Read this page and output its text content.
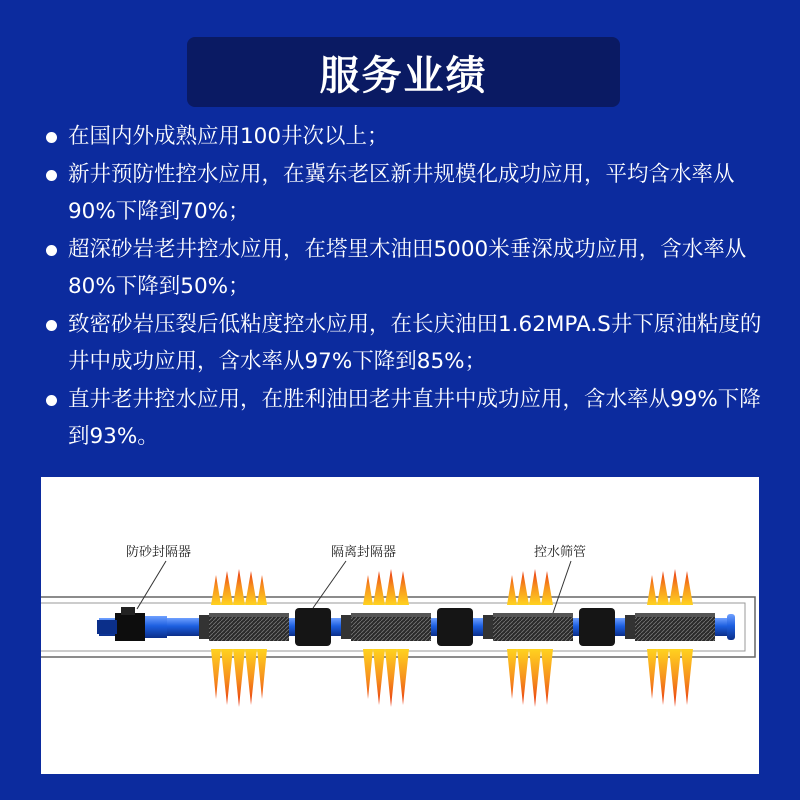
服务业绩
在国内外成熟应用100井次以上；
新井预防性控水应用，在冀东老区新井规模化成功应用，平均含水率从90%下降到70%；
超深砂岩老井控水应用，在塔里木油田5000米垂深成功应用，含水率从80%下降到50%；
致密砂岩压裂后低粘度控水应用，在长庆油田1.62MPA.S井下原油粘度的井中成功应用，含水率从97%下降到85%；
直井老井控水应用，在胜利油田老井直井中成功应用，含水率从99%下降到93%。
防砂封隔器	隔离封隔器	控水筛管
